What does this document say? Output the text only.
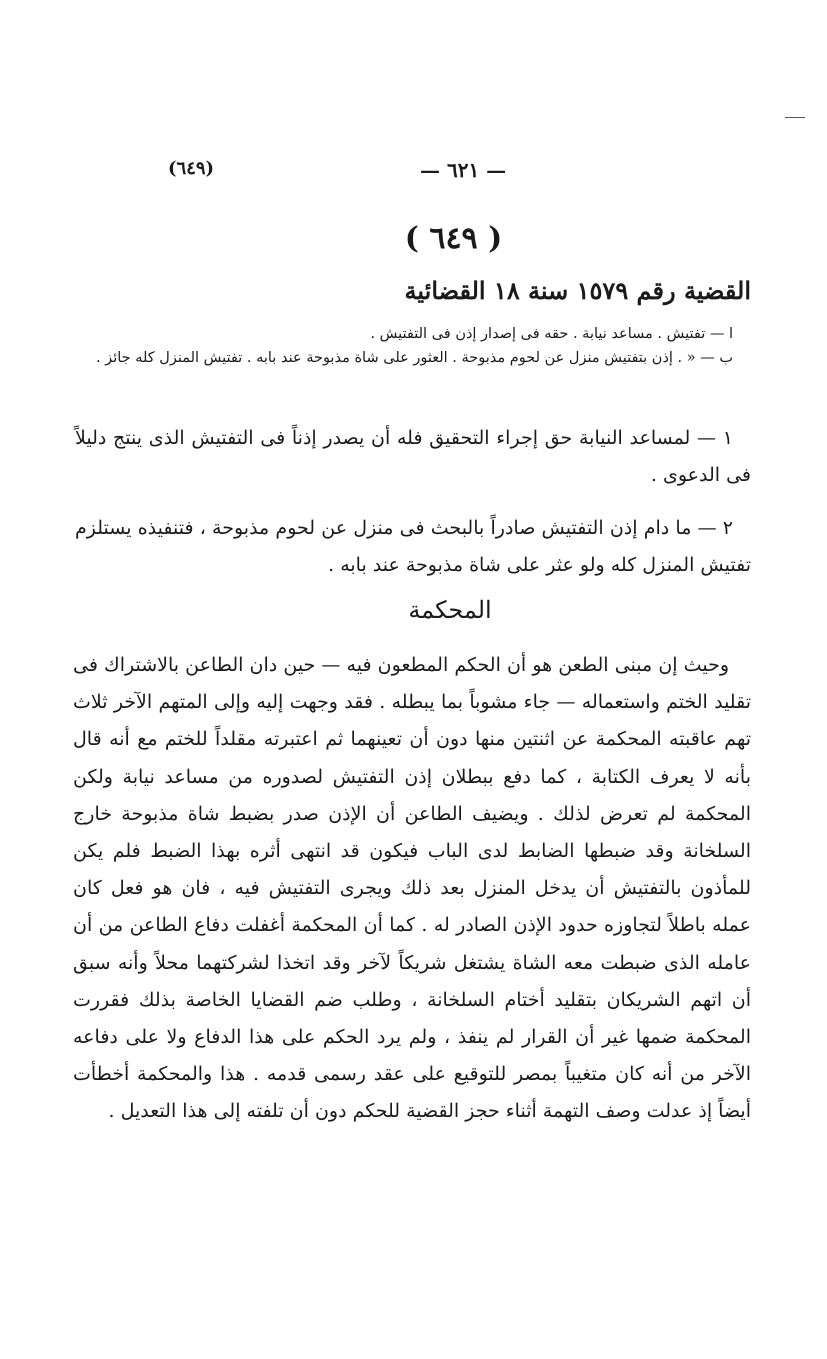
(٦٤٩)	— ٦٢١ —
( ٦٤٩ )
القضية رقم ١٥٧٩ سنة ١٨ القضائية

ا — تفتيش . مساعد نيابة . حقه فى إصدار إذن فى التفتيش .

ب — « . إذن بتفتيش منزل عن لحوم مذبوحة . العثور على شاة مذبوحة عند بابه . تفتيش المنزل كله جائز .

١ — لمساعد النيابة حق إجراء التحقيق فله أن يصدر إذناً فى التفتيش الذى ينتج دليلاً فى الدعوى .

٢ — ما دام إذن التفتيش صادراً بالبحث فى منزل عن لحوم مذبوحة ، فتنفيذه يستلزم تفتيش المنزل كله ولو عثر على شاة مذبوحة عند بابه .

المحكمة

وحيث إن مبنى الطعن هو أن الحكم المطعون فيه — حين دان الطاعن بالاشتراك فى تقليد الختم واستعماله — جاء مشوباً بما يبطله . فقد وجهت إليه وإلى المتهم الآخر ثلاث تهم عاقبته المحكمة عن اثنتين منها دون أن تعينهما ثم اعتبرته مقلداً للختم مع أنه قال بأنه لا يعرف الكتابة ، كما دفع ببطلان إذن التفتيش لصدوره من مساعد نيابة ولكن المحكمة لم تعرض لذلك . ويضيف الطاعن أن الإذن صدر بضبط شاة مذبوحة خارج السلخانة وقد ضبطها الضابط لدى الباب فيكون قد انتهى أثره بهذا الضبط فلم يكن للمأذون بالتفتيش أن يدخل المنزل بعد ذلك ويجرى التفتيش فيه ، فان هو فعل كان عمله باطلاً لتجاوزه حدود الإذن الصادر له . كما أن المحكمة أغفلت دفاع الطاعن من أن عامله الذى ضبطت معه الشاة يشتغل شريكاً لآخر وقد اتخذا لشركتهما محلاً وأنه سبق أن اتهم الشريكان بتقليد أختام السلخانة ، وطلب ضم القضايا الخاصة بذلك فقررت المحكمة ضمها غير أن القرار لم ينفذ ، ولم يرد الحكم على هذا الدفاع ولا على دفاعه الآخر من أنه كان متغيباً بمصر للتوقيع على عقد رسمى قدمه . هذا والمحكمة أخطأت أيضاً إذ عدلت وصف التهمة أثناء حجز القضية للحكم دون أن تلفته إلى هذا التعديل .
